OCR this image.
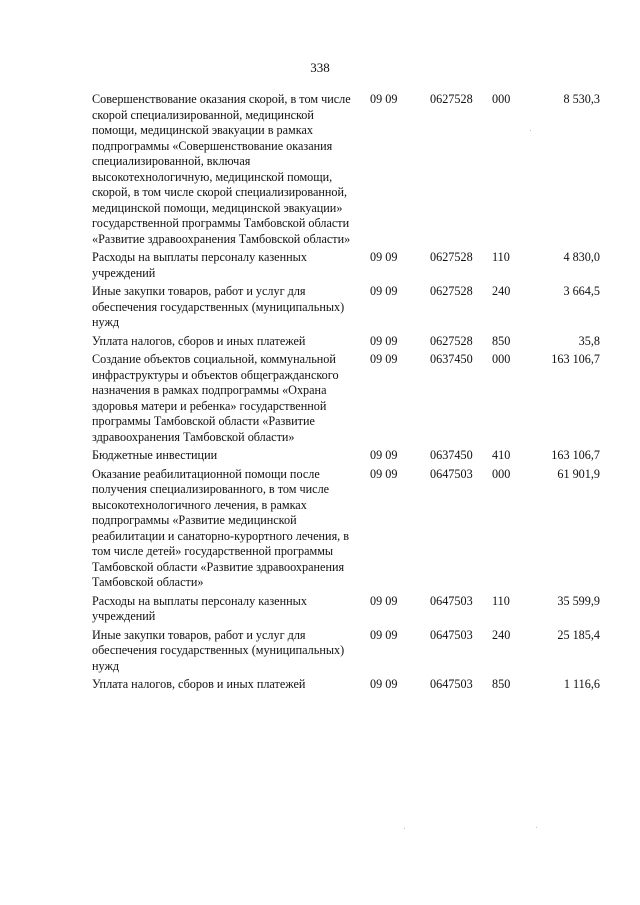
338
Совершенствование оказания скорой, в том числе скорой специализированной, медицинской помощи, медицинской эвакуации в рамках подпрограммы «Совершенствование оказания специализированной, включая высокотехнологичную, медицинской помощи, скорой, в том числе скорой специализированной, медицинской помощи, медицинской эвакуации» государственной программы Тамбовской области «Развитие здравоохранения Тамбовской области»	09 09	0627528	000	8 530,3
Расходы на выплаты персоналу казенных учреждений	09 09	0627528	110	4 830,0
Иные закупки товаров, работ и услуг для обеспечения государственных (муниципальных) нужд	09 09	0627528	240	3 664,5
Уплата налогов, сборов и иных платежей	09 09	0627528	850	35,8
Создание объектов социальной, коммунальной инфраструктуры и объектов общегражданского назначения в рамках подпрограммы «Охрана здоровья матери и ребенка» государственной программы Тамбовской области «Развитие здравоохранения Тамбовской области»	09 09	0637450	000	163 106,7
Бюджетные инвестиции	09 09	0637450	410	163 106,7
Оказание реабилитационной помощи после получения специализированного, в том числе высокотехнологичного лечения, в рамках подпрограммы «Развитие медицинской реабилитации и санаторно-курортного лечения, в том числе детей» государственной программы Тамбовской области «Развитие здравоохранения Тамбовской области»	09 09	0647503	000	61 901,9
Расходы на выплаты персоналу казенных учреждений	09 09	0647503	110	35 599,9
Иные закупки товаров, работ и услуг для обеспечения государственных (муниципальных) нужд	09 09	0647503	240	25 185,4
Уплата налогов, сборов и иных платежей	09 09	0647503	850	1 116,6
